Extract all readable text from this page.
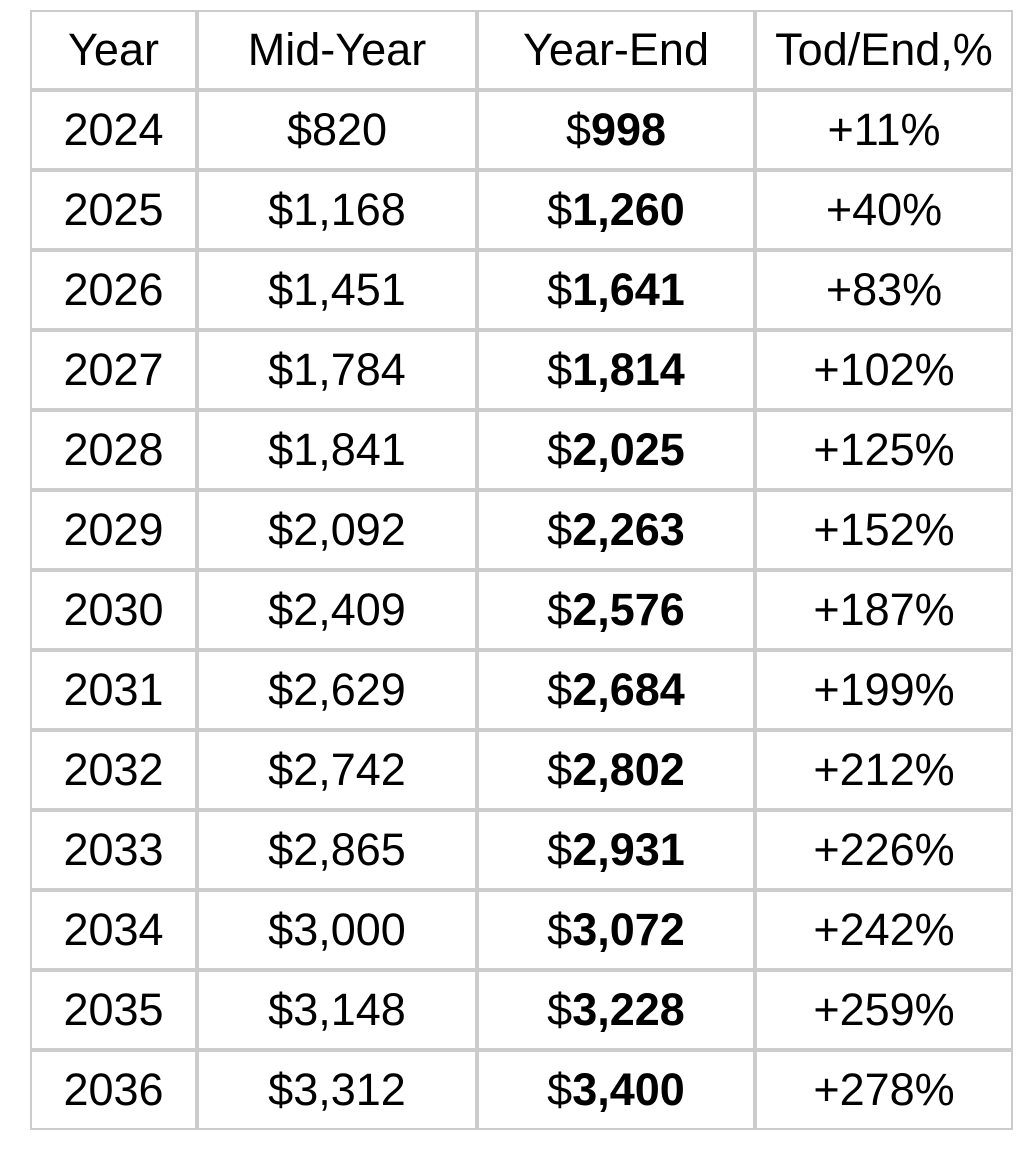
Year	Mid-Year	Year-End	Tod/End,%
2024	$820	$998	+11%
2025	$1,168	$1,260	+40%
2026	$1,451	$1,641	+83%
2027	$1,784	$1,814	+102%
2028	$1,841	$2,025	+125%
2029	$2,092	$2,263	+152%
2030	$2,409	$2,576	+187%
2031	$2,629	$2,684	+199%
2032	$2,742	$2,802	+212%
2033	$2,865	$2,931	+226%
2034	$3,000	$3,072	+242%
2035	$3,148	$3,228	+259%
2036	$3,312	$3,400	+278%
